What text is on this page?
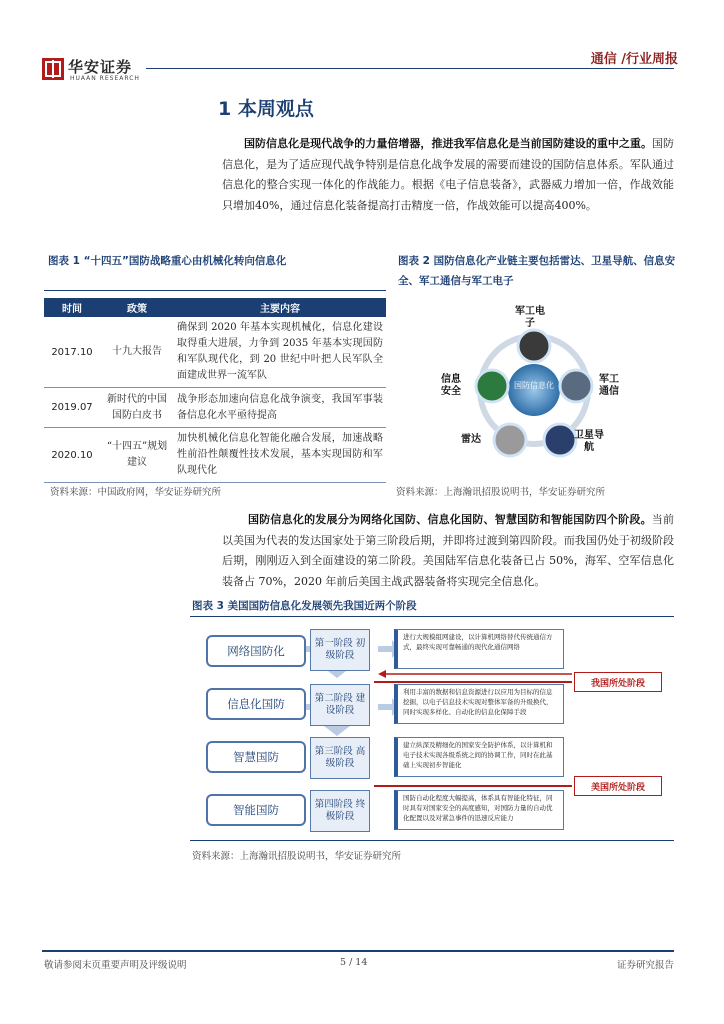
华安证券
HUAAN RESEARCH
通信 /行业周报
1 本周观点
国防信息化是现代战争的力量倍增器，推进我军信息化是当前国防建设的重中之重。国防信息化，是为了适应现代战争特别是信息化战争发展的需要而建设的国防信息体系。军队通过信息化的整合实现一体化的作战能力。根据《电子信息装备》，武器威力增加一倍，作战效能只增加40%，通过信息化装备提高打击精度一倍，作战效能可以提高400%。
图表 1 “十四五”国防战略重心由机械化转向信息化
时间	政策	主要内容
2017.10	十九大报告	确保到 2020 年基本实现机械化，信息化建设取得重大进展，力争到 2035 年基本实现国防和军队现代化，到 20 世纪中叶把人民军队全面建成世界一流军队
2019.07	新时代的中国国防白皮书	战争形态加速向信息化战争演变，我国军事装备信息化水平亟待提高
2020.10	“十四五”规划建议	加快机械化信息化智能化融合发展，加速战略性前沿性颠覆性技术发展，基本实现国防和军队现代化
资料来源：中国政府网，华安证券研究所
图表 2 国防信息化产业链主要包括雷达、卫星导航、信息安全、军工通信与军工电子
国防信息化
军工电子
信息安全
军工通信
雷达	卫星导航
资料来源：上海瀚讯招股说明书，华安证券研究所
国防信息化的发展分为网络化国防、信息化国防、智慧国防和智能国防四个阶段。当前以美国为代表的发达国家处于第三阶段后期，并即将过渡到第四阶段。而我国仍处于初级阶段后期，刚刚迈入到全面建设的第二阶段。美国陆军信息化装备已占 50%，海军、空军信息化装备占 70%，2020 年前后美国主战武器装备将实现完全信息化。
图表 3 美国国防信息化发展领先我国近两个阶段
网络国防化
第一阶段 初级阶段
进行大规模组网建设，以计算机网络替代传统通信方式，最终实现可靠畅通的现代化通信网络
信息化国防	第二阶段 建设阶段
利用丰富的数据和信息资源进行以应用为目标的信息挖掘，以电子信息技术实现对整体军备的升级换代，同时实现多样化、自动化的信息化保障手段
智慧国防	第三阶段 高级阶段
建立纵深及精细化的国家安全防护体系，以计算机和电子技术实现各级系统之间的协调工作，同时在此基础上实现初步智能化
智能国防	第四阶段 终极阶段
国防自动化程度大幅提高，体系具有智能化特征，同时具有对国家安全的高度感知，对国防力量的自动优化配置以及对紧急事件的迅速反应能力
我国所处阶段
美国所处阶段
资料来源：上海瀚讯招股说明书，华安证券研究所
敬请参阅末页重要声明及评级说明	5 / 14	证券研究报告
